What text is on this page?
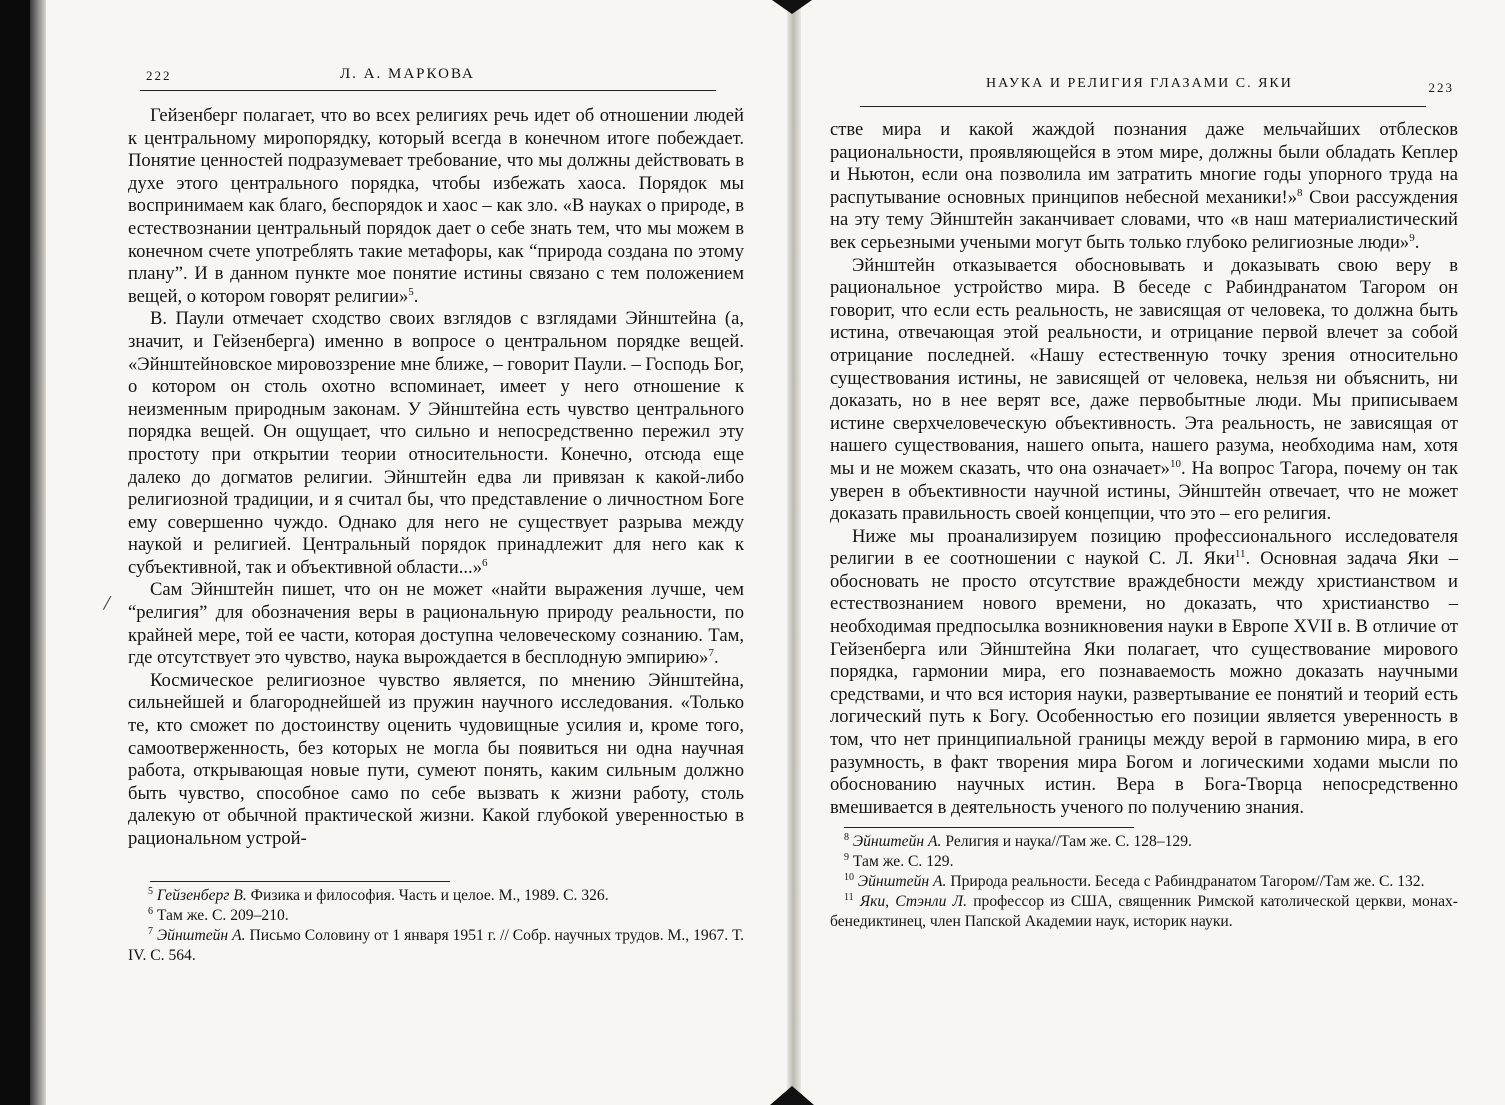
/
222	Л. А. МАРКОВА

Гейзенберг полагает, что во всех религиях речь идет об отношении людей к центральному миропорядку, который всегда в конечном итоге побеждает. Понятие ценностей подразумевает требование, что мы должны действовать в духе этого центрального порядка, чтобы избежать хаоса. Порядок мы воспринимаем как благо, беспорядок и хаос – как зло. «В науках о природе, в естествознании центральный порядок дает о себе знать тем, что мы можем в конечном счете употреблять такие метафоры, как “природа создана по этому плану”. И в данном пункте мое понятие истины связано с тем положением вещей, о котором говорят религии»$^5$.

В. Паули отмечает сходство своих взглядов с взглядами Эйнштейна (а, значит, и Гейзенберга) именно в вопросе о центральном порядке вещей. «Эйнштейновское мировоззрение мне ближе, – говорит Паули. – Господь Бог, о котором он столь охотно вспоминает, имеет у него отношение к неизменным природным законам. У Эйнштейна есть чувство центрального порядка вещей. Он ощущает, что сильно и непосредственно пережил эту простоту при открытии теории относительности. Конечно, отсюда еще далеко до догматов религии. Эйнштейн едва ли привязан к какой-либо религиозной традиции, и я считал бы, что представление о личностном Боге ему совершенно чуждо. Однако для него не существует разрыва между наукой и религией. Центральный порядок принадлежит для него как к субъективной, так и объективной области...»$^6$

Сам Эйнштейн пишет, что он не может «найти выражения лучше, чем “религия” для обозначения веры в рациональную природу реальности, по крайней мере, той ее части, которая доступна человеческому сознанию. Там, где отсутствует это чувство, наука вырождается в бесплодную эмпирию»$^7$.

Космическое религиозное чувство является, по мнению Эйнштейна, сильнейшей и благороднейшей из пружин научного исследования. «Только те, кто сможет по достоинству оценить чудовищные усилия и, кроме того, самоотверженность, без которых не могла бы появиться ни одна научная работа, открывающая новые пути, сумеют понять, каким сильным должно быть чувство, способное само по себе вызвать к жизни работу, столь далекую от обычной практической жизни. Какой глубокой уверенностью в рациональном устрой-

$^5$ Гейзенберг В. Физика и философия. Часть и целое. М., 1989. С. 326.
$^6$ Там же. С. 209–210.
$^7$ Эйнштейн А. Письмо Соловину от 1 января 1951 г. // Собр. научных трудов. М., 1967. Т. IV. С. 564.
НАУКА И РЕЛИГИЯ ГЛАЗАМИ С. ЯКИ	223

стве мира и какой жаждой познания даже мельчайших отблесков рациональности, проявляющейся в этом мире, должны были обладать Кеплер и Ньютон, если она позволила им затратить многие годы упорного труда на распутывание основных принципов небесной механики!»$^8$ Свои рассуждения на эту тему Эйнштейн заканчивает словами, что «в наш материалистический век серьезными учеными могут быть только глубоко религиозные люди»$^9$.

Эйнштейн отказывается обосновывать и доказывать свою веру в рациональное устройство мира. В беседе с Рабиндранатом Тагором он говорит, что если есть реальность, не зависящая от человека, то должна быть истина, отвечающая этой реальности, и отрицание первой влечет за собой отрицание последней. «Нашу естественную точку зрения относительно существования истины, не зависящей от человека, нельзя ни объяснить, ни доказать, но в нее верят все, даже первобытные люди. Мы приписываем истине сверхчеловеческую объективность. Эта реальность, не зависящая от нашего существования, нашего опыта, нашего разума, необходима нам, хотя мы и не можем сказать, что она означает»$^{10}$. На вопрос Тагора, почему он так уверен в объективности научной истины, Эйнштейн отвечает, что не может доказать правильность своей концепции, что это – его религия.

Ниже мы проанализируем позицию профессионального исследователя религии в ее соотношении с наукой С. Л. Яки$^{11}$. Основная задача Яки – обосновать не просто отсутствие враждебности между христианством и естествознанием нового времени, но доказать, что христианство – необходимая предпосылка возникновения науки в Европе XVII в. В отличие от Гейзенберга или Эйнштейна Яки полагает, что существование мирового порядка, гармонии мира, его познаваемость можно доказать научными средствами, и что вся история науки, развертывание ее понятий и теорий есть логический путь к Богу. Особенностью его позиции является уверенность в том, что нет принципиальной границы между верой в гармонию мира, в его разумность, в факт творения мира Богом и логическими ходами мысли по обоснованию научных истин. Вера в Бога-Творца непосредственно вмешивается в деятельность ученого по получению знания.

$^8$ Эйнштейн А. Религия и наука//Там же. С. 128–129.
$^9$ Там же. С. 129.
$^{10}$ Эйнштейн А. Природа реальности. Беседа с Рабиндранатом Тагором//Там же. С. 132.
$^{11}$ Яки, Стэнли Л. профессор из США, священник Римской католической церкви, монах-бенедиктинец, член Папской Академии наук, историк науки.
